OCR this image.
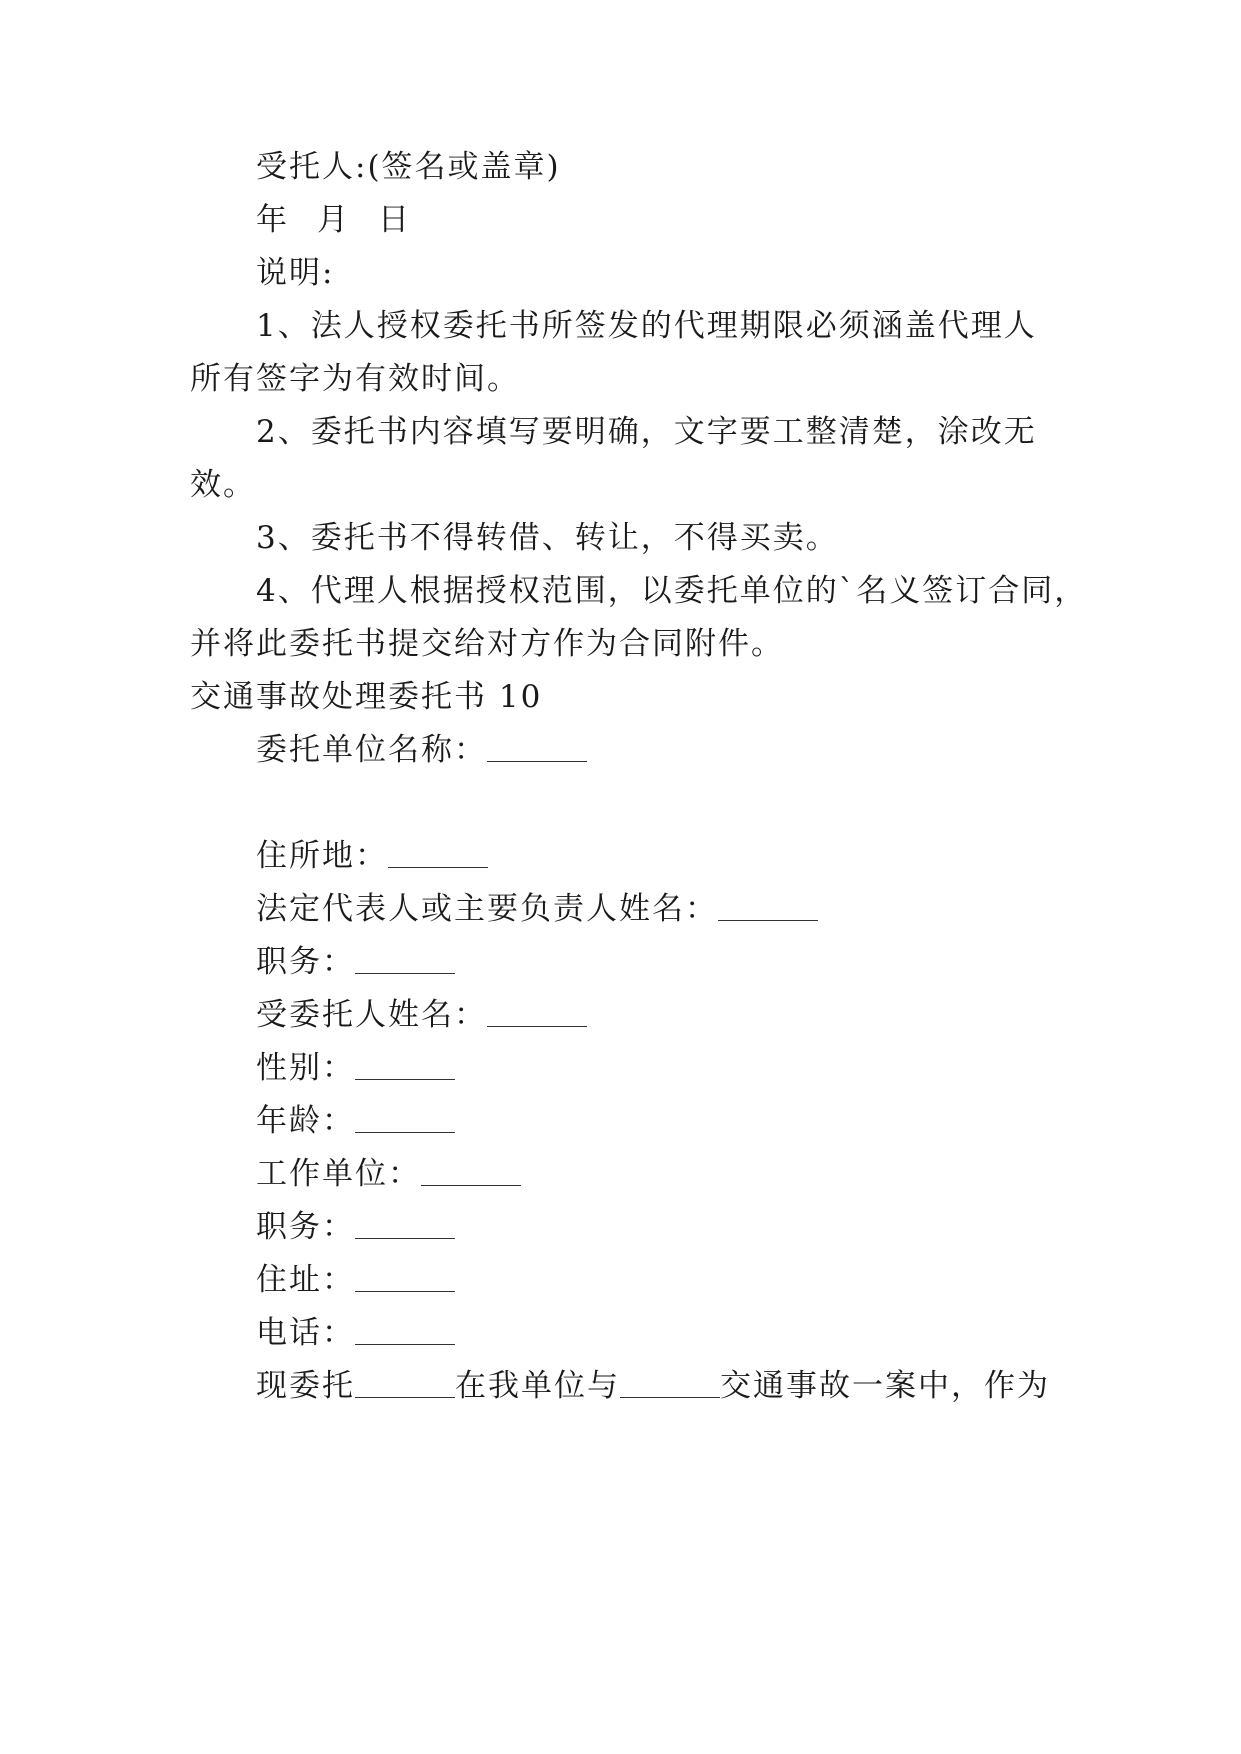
受托人:(签名或盖章)
年 月 日
说明:
1、法人授权委托书所签发的代理期限必须涵盖代理人
所有签字为有效时间。
2、委托书内容填写要明确，文字要工整清楚，涂改无
效。
3、委托书不得转借、转让，不得买卖。
4、代理人根据授权范围，以委托单位的`名义签订合同，
并将此委托书提交给对方作为合同附件。
交通事故处理委托书 10
委托单位名称：
住所地：
法定代表人或主要负责人姓名：
职务：
受委托人姓名：
性别：
年龄：
工作单位：
职务：
住址：
电话：
现委托	在我单位与	交通事故一案中，作为
